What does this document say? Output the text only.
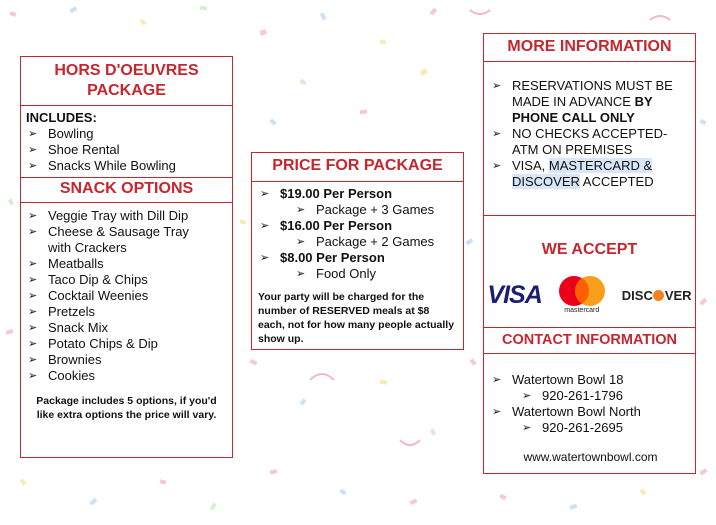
HORS D'OEUVRES
PACKAGE
INCLUDES:
➢ Bowling
➢ Shoe Rental
➢ Snacks While Bowling
SNACK OPTIONS
➢ Veggie Tray with Dill Dip
➢ Cheese & Sausage Tray
with Crackers
➢ Meatballs
➢ Taco Dip & Chips
➢ Cocktail Weenies
➢ Pretzels
➢ Snack Mix
➢ Potato Chips & Dip
➢ Brownies
➢ Cookies
Package includes 5 options, if you'd like extra options the price will vary.
PRICE FOR PACKAGE
➢ $19.00 Per Person
➢ Package + 3 Games
➢ $16.00 Per Person
➢ Package + 2 Games
➢ $8.00 Per Person
➢ Food Only
Your party will be charged for the number of RESERVED meals at $8 each, not for how many people actually show up.
MORE INFORMATION
➢ RESERVATIONS MUST BE
MADE IN ADVANCE BY
PHONE CALL ONLY
➢ NO CHECKS ACCEPTED-
ATM ON PREMISES
➢ VISA, MASTERCARD &
DISCOVER ACCEPTED
WE ACCEPT
VISA
mastercard
DISC VER
CONTACT INFORMATION
➢ Watertown Bowl 18
➢ 920-261-1796
➢ Watertown Bowl North
➢ 920-261-2695
www.watertownbowl.com
